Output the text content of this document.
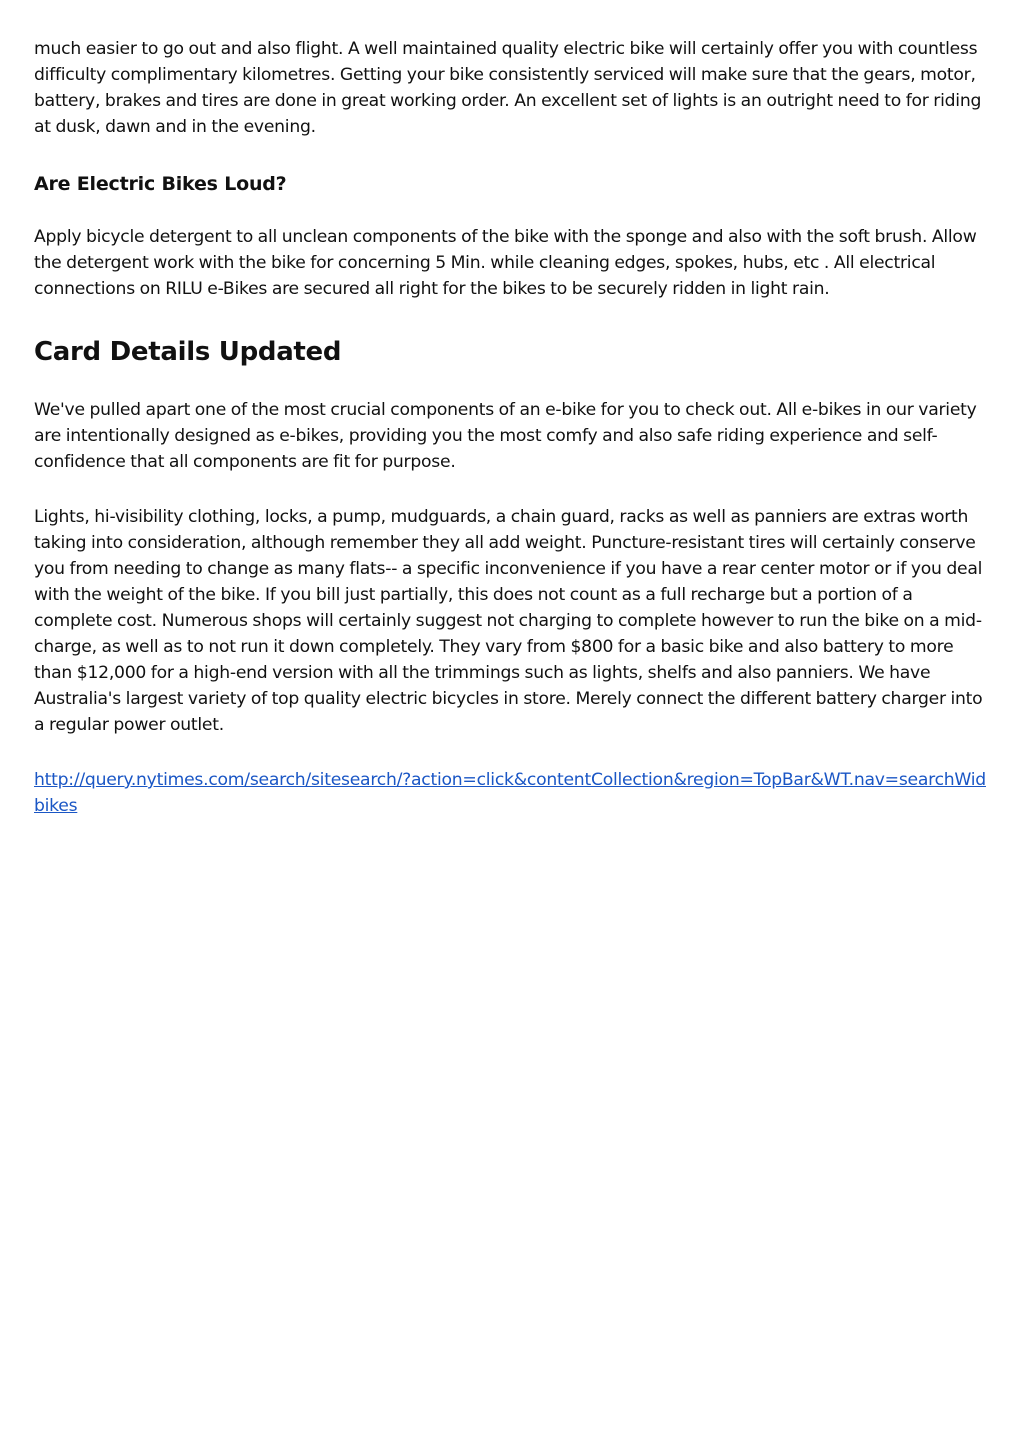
much easier to go out and also flight. A well maintained quality electric bike will certainly offer you with countless difficulty complimentary kilometres. Getting your bike consistently serviced will make sure that the gears, motor, battery, brakes and tires are done in great working order. An excellent set of lights is an outright need to for riding at dusk, dawn and in the evening.

Are Electric Bikes Loud?

Apply bicycle detergent to all unclean components of the bike with the sponge and also with the soft brush. Allow the detergent work with the bike for concerning 5 Min. while cleaning edges, spokes, hubs, etc . All electrical connections on RILU e-Bikes are secured all right for the bikes to be securely ridden in light rain.

Card Details Updated

We've pulled apart one of the most crucial components of an e-bike for you to check out. All e-bikes in our variety are intentionally designed as e-bikes, providing you the most comfy and also safe riding experience and self-confidence that all components are fit for purpose.

Lights, hi-visibility clothing, locks, a pump, mudguards, a chain guard, racks as well as panniers are extras worth taking into consideration, although remember they all add weight. Puncture-resistant tires will certainly conserve you from needing to change as many flats-- a specific inconvenience if you have a rear center motor or if you deal with the weight of the bike. If you bill just partially, this does not count as a full recharge but a portion of a complete cost. Numerous shops will certainly suggest not charging to complete however to run the bike on a mid-charge, as well as to not run it down completely. They vary from $800 for a basic bike and also battery to more than $12,000 for a high-end version with all the trimmings such as lights, shelfs and also panniers. We have Australia's largest variety of top quality electric bicycles in store. Merely connect the different battery charger into a regular power outlet.

http://query.nytimes.com/search/sitesearch/?action=click&contentCollection&region=TopBar&WT.nav=searchWidbikes
